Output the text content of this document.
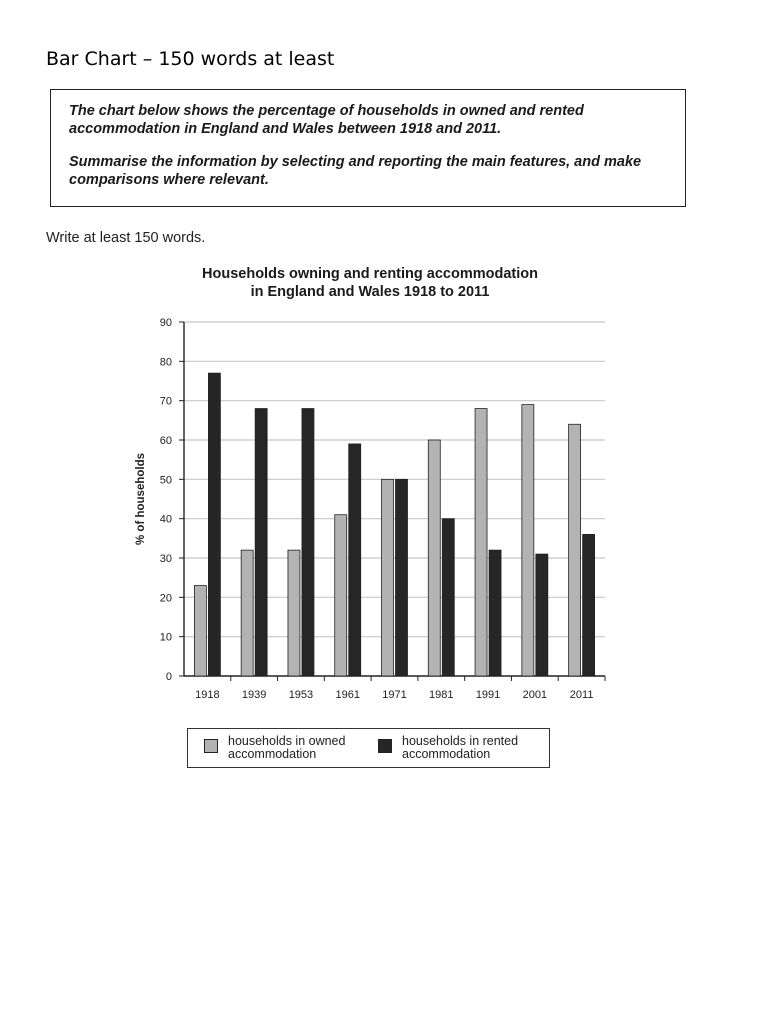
Bar Chart – 150 words at least

The chart below shows the percentage of households in owned and rented accommodation in England and Wales between 1918 and 2011.

Summarise the information by selecting and reporting the main features, and make comparisons where relevant.

Write at least 150 words.
Households owning and renting accommodation
in England and Wales 1918 to 2011
0
10
20
30
40
50
60
70
80
90
% of households
1918 1939 1953 1961 1971 1981 1991 2001 2011
households in owned
accommodation
households in rented
accommodation
